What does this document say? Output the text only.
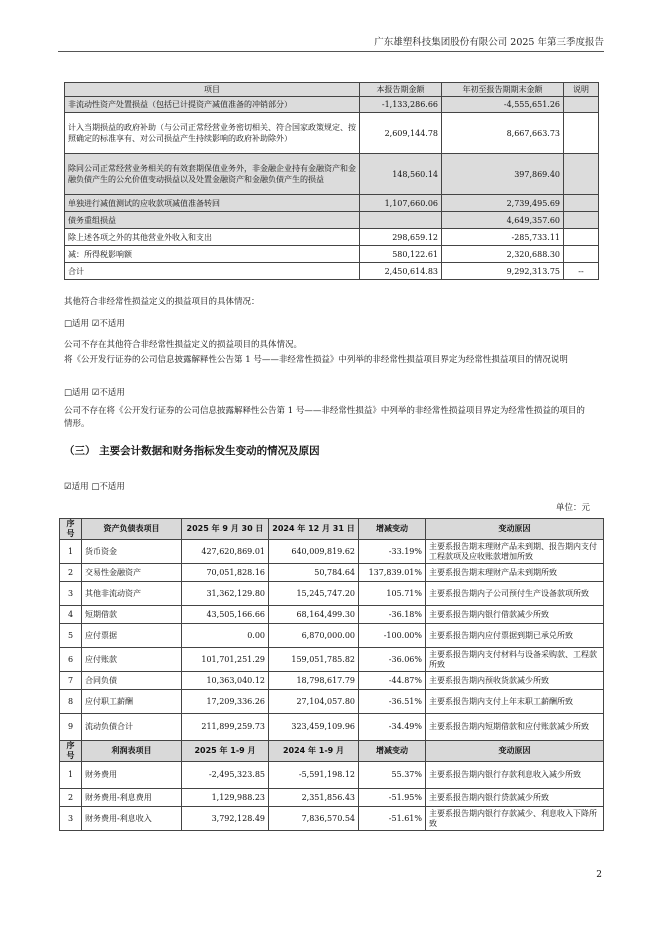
广东雄塑科技集团股份有限公司 2025 年第三季度报告
项目	本报告期金额	年初至报告期期末金额	说明
非流动性资产处置损益（包括已计提资产减值准备的冲销部分）	-1,133,286.66	-4,555,651.26	
计入当期损益的政府补助（与公司正常经营业务密切相关、符合国家政策规定、按照确定的标准享有、对公司损益产生持续影响的政府补助除外）	2,609,144.78	8,667,663.73	
除同公司正常经营业务相关的有效套期保值业务外，非金融企业持有金融资产和金融负债产生的公允价值变动损益以及处置金融资产和金融负债产生的损益	148,560.14	397,869.40	
单独进行减值测试的应收款项减值准备转回	1,107,660.06	2,739,495.69	
债务重组损益		4,649,357.60	
除上述各项之外的其他营业外收入和支出	298,659.12	-285,733.11	
减：所得税影响额	580,122.61	2,320,688.30	
合计	2,450,614.83	9,292,313.75	--
其他符合非经常性损益定义的损益项目的具体情况：
□适用 ☑不适用
公司不存在其他符合非经常性损益定义的损益项目的具体情况。
将《公开发行证券的公司信息披露解释性公告第 1 号——非经常性损益》中列举的非经常性损益项目界定为经常性损益项目的情况说明
□适用 ☑不适用
公司不存在将《公开发行证券的公司信息披露解释性公告第 1 号——非经常性损益》中列举的非经常性损益项目界定为经常性损益的项目的情形。
（三） 主要会计数据和财务指标发生变动的情况及原因
☑适用 □不适用
单位：元
序号	资产负债表项目	2025 年 9 月 30 日	2024 年 12 月 31 日	增减变动	变动原因
1	货币资金	427,620,869.01	640,009,819.62	-33.19%	主要系报告期末理财产品未到期、报告期内支付工程款项及应收账款增加所致
2	交易性金融资产	70,051,828.16	50,784.64	137,839.01%	主要系报告期末理财产品未到期所致
3	其他非流动资产	31,362,129.80	15,245,747.20	105.71%	主要系报告期内子公司预付生产设备款项所致
4	短期借款	43,505,166.66	68,164,499.30	-36.18%	主要系报告期内银行借款减少所致
5	应付票据	0.00	6,870,000.00	-100.00%	主要系报告期内应付票据到期已承兑所致
6	应付账款	101,701,251.29	159,051,785.82	-36.06%	主要系报告期内支付材料与设备采购款、工程款所致
7	合同负债	10,363,040.12	18,798,617.79	-44.87%	主要系报告期内预收货款减少所致
8	应付职工薪酬	17,209,336.26	27,104,057.80	-36.51%	主要系报告期内支付上年末职工薪酬所致
9	流动负债合计	211,899,259.73	323,459,109.96	-34.49%	主要系报告期内短期借款和应付账款减少所致
序号	利润表项目	2025 年 1-9 月	2024 年 1-9 月	增减变动	变动原因
1	财务费用	-2,495,323.85	-5,591,198.12	55.37%	主要系报告期内银行存款利息收入减少所致
2	财务费用-利息费用	1,129,988.23	2,351,856.43	-51.95%	主要系报告期内银行贷款减少所致
3	财务费用-利息收入	3,792,128.49	7,836,570.54	-51.61%	主要系报告期内银行存款减少、利息收入下降所致
2
